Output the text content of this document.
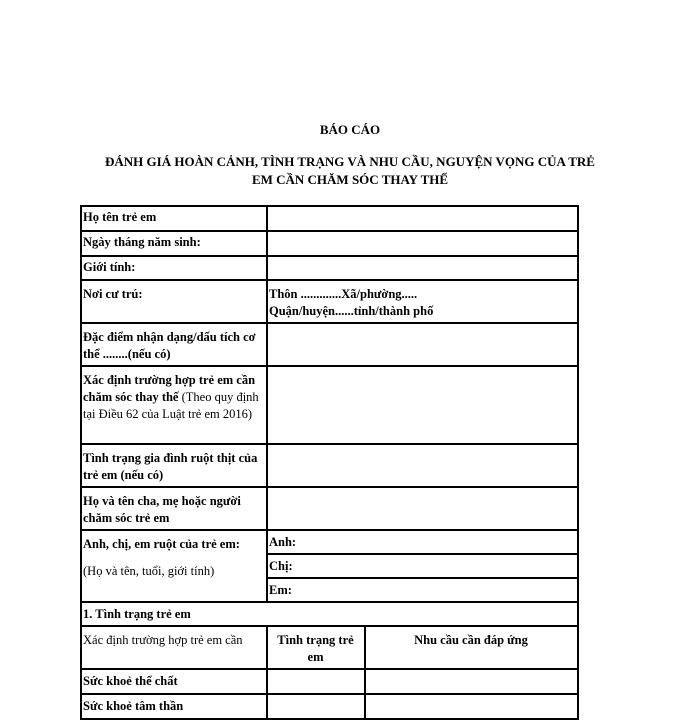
BÁO CÁO
ĐÁNH GIÁ HOÀN CẢNH, TÌNH TRẠNG VÀ NHU CẦU, NGUYỆN VỌNG CỦA TRẺ
EM CẦN CHĂM SÓC THAY THẾ
Họ tên trẻ em		
Ngày tháng năm sinh:		
Giới tính:		
Nơi cư trú:	Thôn .............Xã/phường.....
Quận/huyện......tỉnh/thành phố	

Đặc điểm nhận dạng/dấu tích cơ thể ........(nếu có)		
Xác định trường hợp trẻ em cần chăm sóc thay thế (Theo quy định tại Điều 62 của Luật trẻ em 2016)		
Tình trạng gia đình ruột thịt của trẻ em (nếu có)		
Họ và tên cha, mẹ hoặc người chăm sóc trẻ em		

Anh, chị, em ruột của trẻ em:
(Họ và tên, tuổi, giới tính)	Anh:	
	Chị:	
	Em:	
1. Tình trạng trẻ em		
Xác định trường hợp trẻ em cần	Tình trạng trẻ em	Nhu cầu cần đáp ứng
Sức khoẻ thể chất		
Sức khoẻ tâm thần		
